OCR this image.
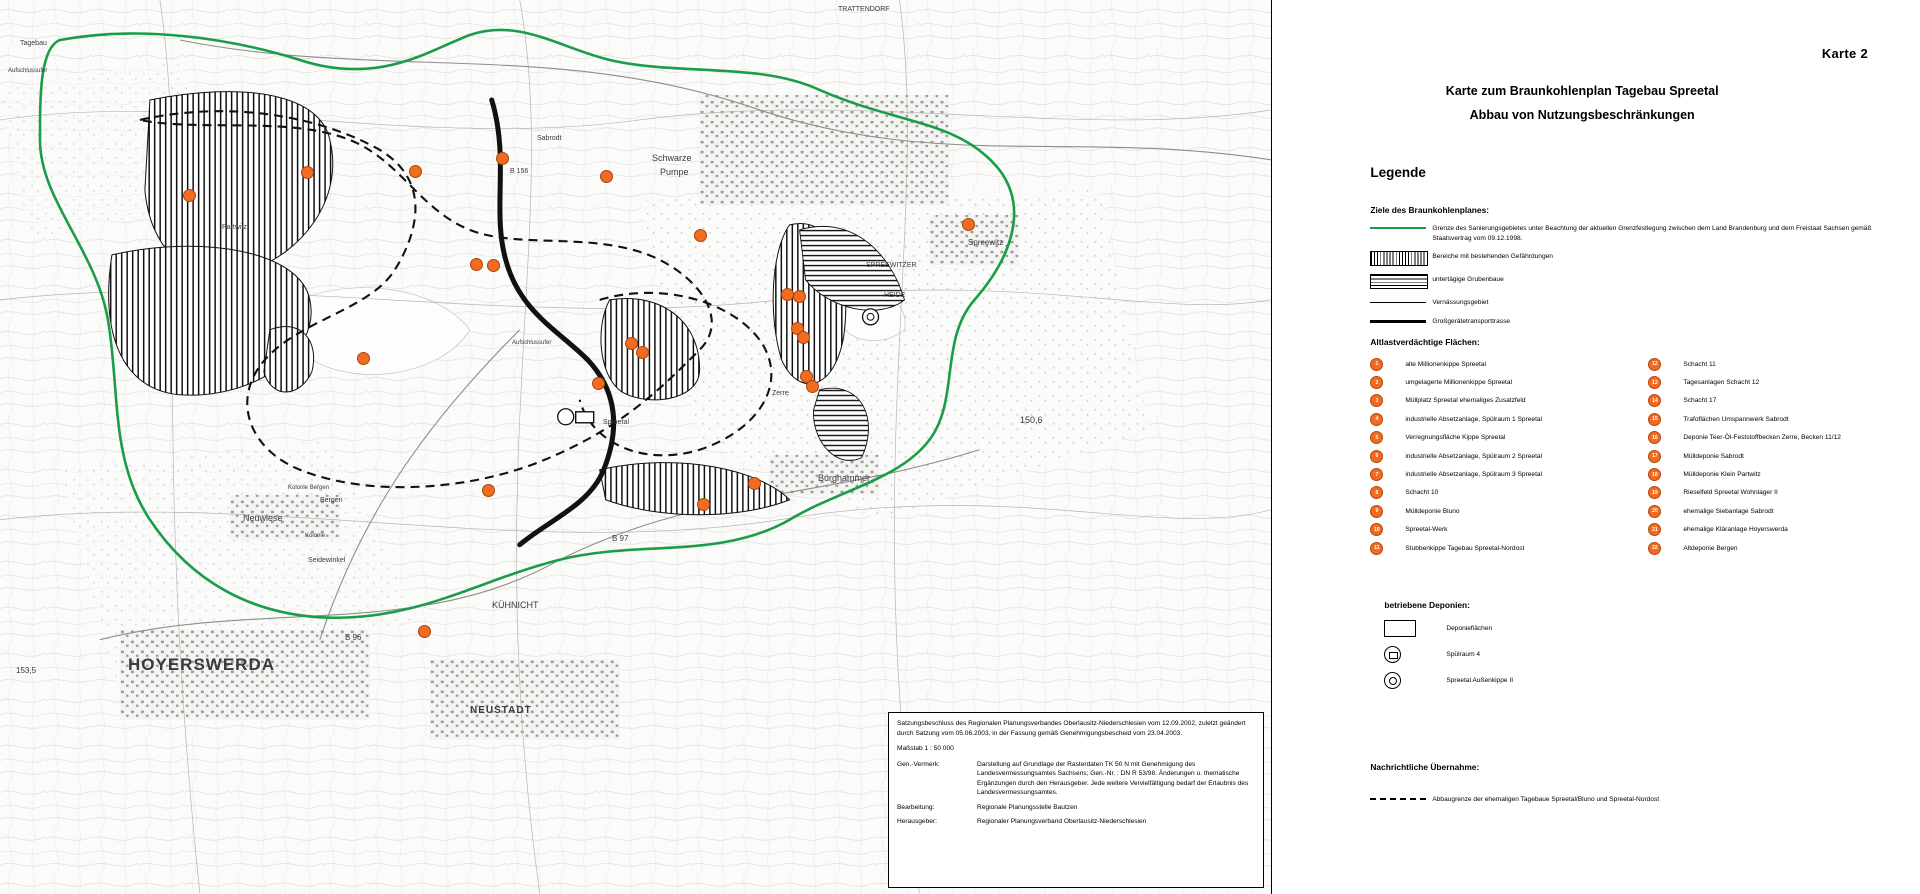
HOYERSWERDA
NEUSTADT
KÜHNICHT
Neuwiese
Burghammer
Spreewitz
Schwarze
Pumpe
SPREEWITZER
HEIDE
TRATTENDORF
Seidewinkel
Bergen
Zerre
Sabrodt
Partwitz
Tagebau
Aufschlussufer
Spreetal
B 96
B 97
B 156
150,6
153,5
Kolonie Bergen
Kolonie
Aufschlussufer
Satzungsbeschluss des Regionalen Planungsverbandes Oberlausitz-Niederschlesien vom 12.09.2002, zuletzt geändert durch Satzung vom 05.06.2003, in der Fassung gemäß Genehmigungsbescheid vom 23.04.2003.
Maßstab 1 : 50 000
Gen.-Vermerk:	Darstellung auf Grundlage der Rasterdaten TK 50 N mit Genehmigung des Landesvermessungsamtes Sachsens; Gen.-Nr. : DN R 53/98. Änderungen u. thematische Ergänzungen durch den Herausgeber. Jede weitere Vervielfältigung bedarf der Erlaubnis des Landesvermessungsamtes.
Bearbeitung:	Regionale Planungsstelle Bautzen
Herausgeber:	Regionaler Planungsverband Oberlausitz-Niederschlesien
Karte 2
Karte zum Braunkohlenplan Tagebau Spreetal
Abbau von Nutzungsbeschränkungen
Legende
Ziele des Braunkohlenplanes:
Grenze des Sanierungsgebietes unter Beachtung der aktuellen Grenzfestlegung zwischen dem Land Brandenburg und dem Freistaat Sachsen gemäß Staatsvertrag vom 09.12.1998.
Bereiche mit bestehenden Gefährdungen
untertägige Grubenbaue
Vernässungsgebiet
Großgerätetransporttrasse
Altlastverdächtige Flächen:
1	alte Millionenkippe Spreetal
2	umgelagerte Millionenkippe Spreetal
3	Müllplatz Spreetal ehemaliges Zusatzfeld
4	industrielle Absetzanlage, Spülraum 1 Spreetal
5	Verregnungsfläche Kippe Spreetal
6	industrielle Absetzanlage, Spülraum 2 Spreetal
7	industrielle Absetzanlage, Spülraum 3 Spreetal
8	Schacht 10
9	Mülldeponie Bluno
10	Spreetal-Werk
11	Stubbenkippe Tagebau Spreetal-Nordost
12	Schacht 11
13	Tagesanlagen Schacht 12
14	Schacht 17
15	Trafoflächen Umspannwerk Sabrodt
16	Deponie Teer-Öl-Feststoffbecken Zerre, Becken 11/12
17	Mülldeponie Sabrodt
18	Mülldeponie Klein Partwitz
19	Rieselfeld Spreetal Wohnlager II
20	ehemalige Siebanlage Sabrodt
21	ehemalige Kläranlage Hoyerswerda
22	Altdeponie Bergen
betriebene Deponien:
Deponieflächen
Spülraum 4
Spreetal Außenkippe II
Nachrichtliche Übernahme:
Abbaugrenze der ehemaligen Tagebaue Spreetal/Bluno und Spreetal-Nordost
